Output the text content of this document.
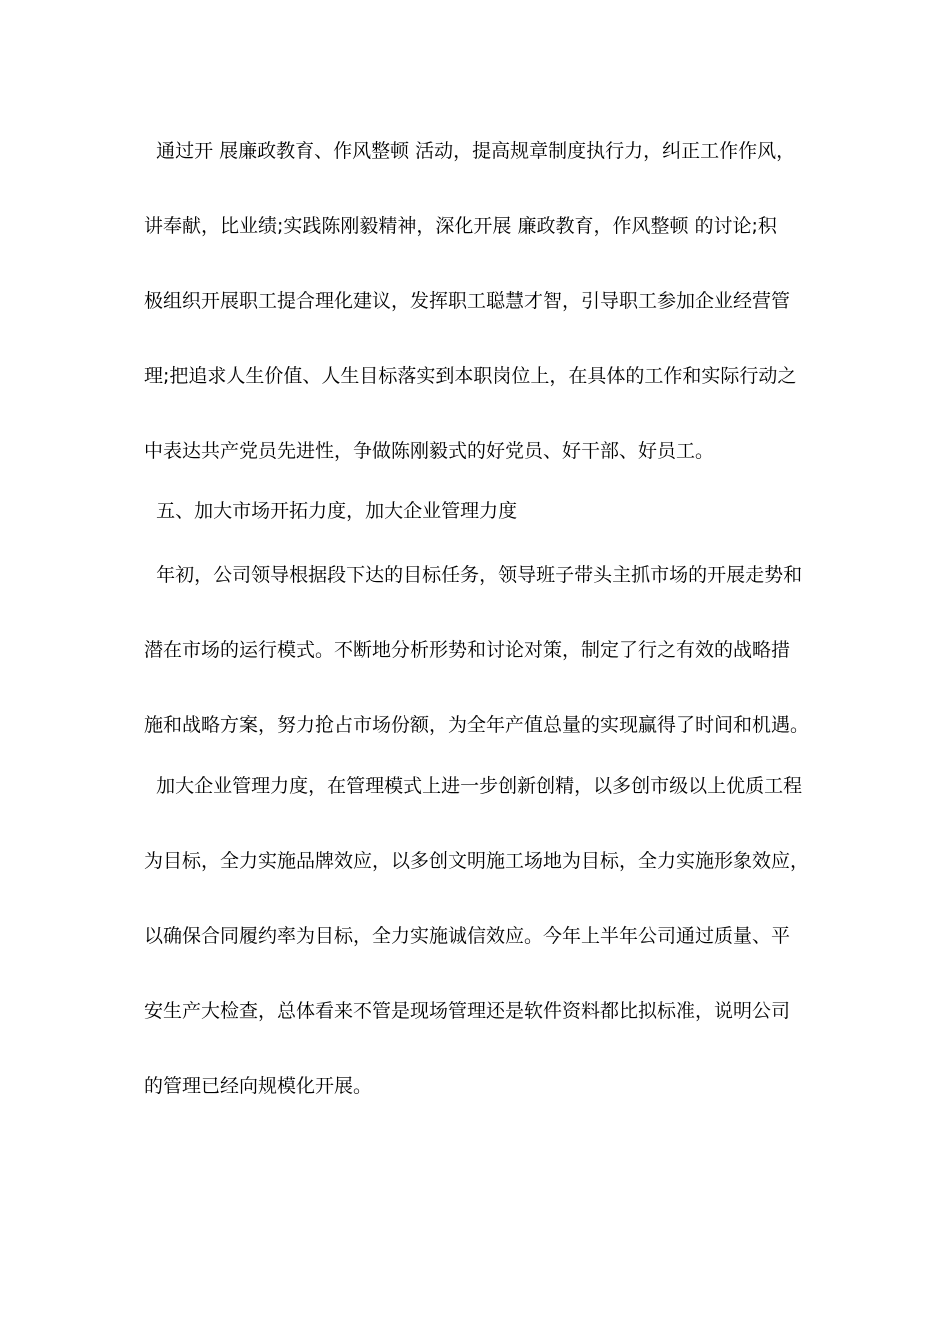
通过开 展廉政教育、作风整顿 活动，提高规章制度执行力，纠正工作作风，
讲奉献，比业绩;实践陈刚毅精神，深化开展 廉政教育，作风整顿 的讨论;积
极组织开展职工提合理化建议，发挥职工聪慧才智，引导职工参加企业经营管
理;把追求人生价值、人生目标落实到本职岗位上，在具体的工作和实际行动之
中表达共产党员先进性，争做陈刚毅式的好党员、好干部、好员工。
五、加大市场开拓力度，加大企业管理力度
年初，公司领导根据段下达的目标任务，领导班子带头主抓市场的开展走势和
潜在市场的运行模式。不断地分析形势和讨论对策，制定了行之有效的战略措
施和战略方案，努力抢占市场份额，为全年产值总量的实现赢得了时间和机遇。
加大企业管理力度，在管理模式上进一步创新创精，以多创市级以上优质工程
为目标，全力实施品牌效应，以多创文明施工场地为目标，全力实施形象效应，
以确保合同履约率为目标，全力实施诚信效应。今年上半年公司通过质量、平
安生产大检查，总体看来不管是现场管理还是软件资料都比拟标准，说明公司
的管理已经向规模化开展。
